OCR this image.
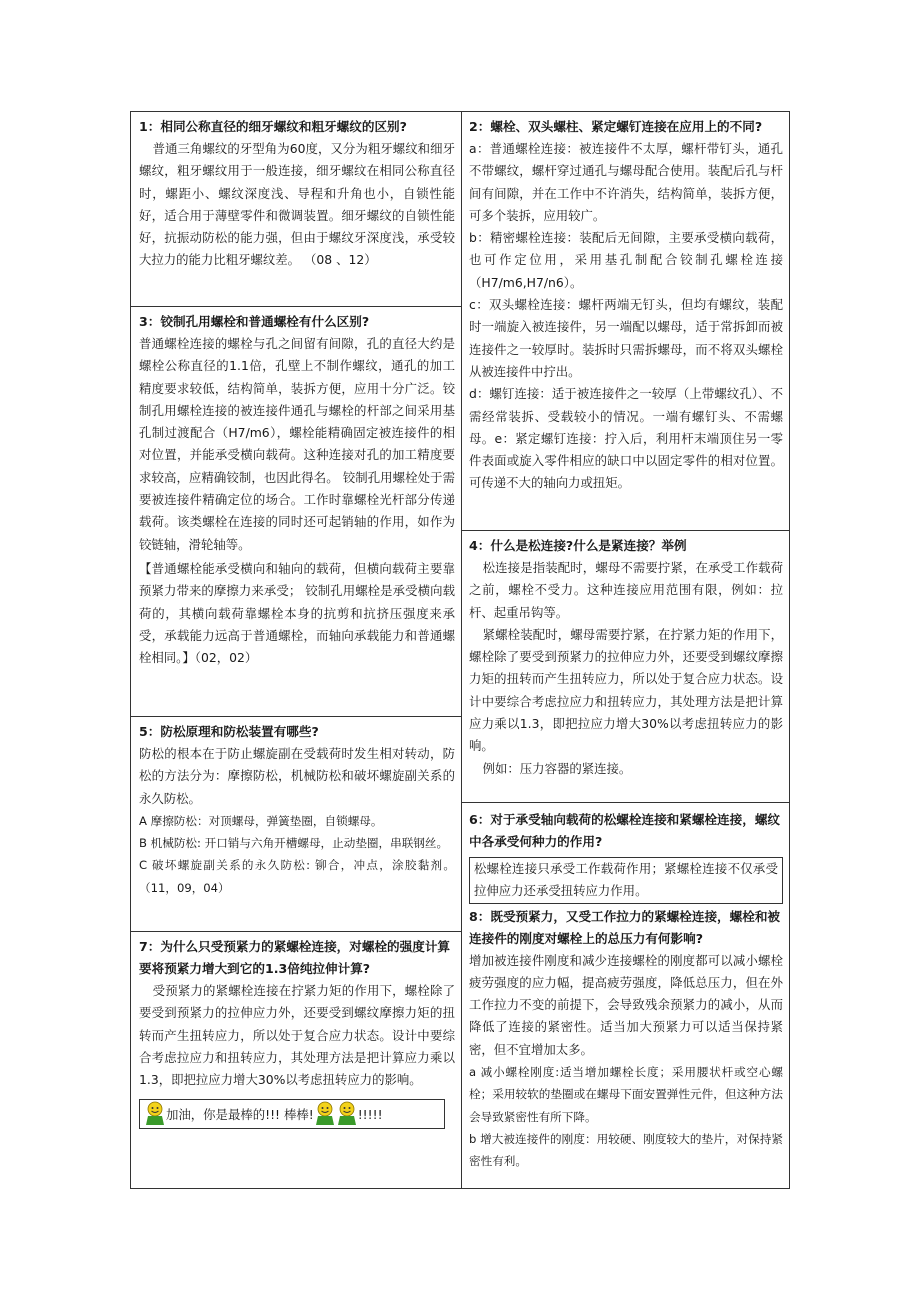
1：相同公称直径的细牙螺纹和粗牙螺纹的区别?

普通三角螺纹的牙型角为60度，又分为粗牙螺纹和细牙螺纹，粗牙螺纹用于一般连接，细牙螺纹在相同公称直径时，螺距小、螺纹深度浅、导程和升角也小，自锁性能好，适合用于薄壁零件和微调装置。细牙螺纹的自锁性能好，抗振动防松的能力强，但由于螺纹牙深度浅，承受较大拉力的能力比粗牙螺纹差。 （08 、12）

3：铰制孔用螺栓和普通螺栓有什么区别?

普通螺栓连接的螺栓与孔之间留有间隙，孔的直径大约是螺栓公称直径的1.1倍，孔壁上不制作螺纹，通孔的加工精度要求较低，结构简单，装拆方便，应用十分广泛。铰制孔用螺栓连接的被连接件通孔与螺栓的杆部之间采用基孔制过渡配合（H7/m6），螺栓能精确固定被连接件的相对位置，并能承受横向载荷。这种连接对孔的加工精度要求较高，应精确铰制，也因此得名。 铰制孔用螺栓处于需要被连接件精确定位的场合。工作时靠螺栓光杆部分传递载荷。该类螺栓在连接的同时还可起销轴的作用，如作为铰链轴，滑轮轴等。

【普通螺栓能承受横向和轴向的载荷，但横向载荷主要靠预紧力带来的摩擦力来承受； 铰制孔用螺栓是承受横向载荷的，其横向载荷靠螺栓本身的抗剪和抗挤压强度来承受，承载能力远高于普通螺栓，而轴向承载能力和普通螺栓相同。】（02，02）

5：防松原理和防松装置有哪些?

防松的根本在于防止螺旋副在受载荷时发生相对转动，防松的方法分为：摩擦防松，机械防松和破坏螺旋副关系的永久防松。

A 摩擦防松：对顶螺母，弹簧垫圈，自锁螺母。

B 机械防松: 开口销与六角开槽螺母，止动垫圈，串联钢丝。

C 破坏螺旋副关系的永久防松: 铆合，冲点，涂胶黏剂。（11，09，04）

7：为什么只受预紧力的紧螺栓连接，对螺栓的强度计算要将预紧力增大到它的1.3倍纯拉伸计算?

受预紧力的紧螺栓连接在拧紧力矩的作用下，螺栓除了要受到预紧力的拉伸应力外，还要受到螺纹摩擦力矩的扭转而产生扭转应力，所以处于复合应力状态。设计中要综合考虑拉应力和扭转应力，其处理方法是把计算应力乘以1.3，即把拉应力增大30%以考虑扭转应力的影响。

加油，你是最棒的!!! 棒棒!	!!!!!

2：螺栓、双头螺柱、紧定螺钉连接在应用上的不同?

a：普通螺栓连接：被连接件不太厚，螺杆带钉头，通孔不带螺纹，螺杆穿过通孔与螺母配合使用。装配后孔与杆间有间隙，并在工作中不许消失，结构简单，装拆方便，可多个装拆，应用较广。

b：精密螺栓连接：装配后无间隙，主要承受横向载荷，也可作定位用，采用基孔制配合铰制孔螺栓连接（H7/m6,H7/n6）。

c：双头螺栓连接：螺杆两端无钉头，但均有螺纹，装配时一端旋入被连接件，另一端配以螺母，适于常拆卸而被连接件之一较厚时。装拆时只需拆螺母，而不将双头螺栓从被连接件中拧出。

d：螺钉连接：适于被连接件之一较厚（上带螺纹孔）、不需经常装拆、受载较小的情况。一端有螺钉头、不需螺母。e：紧定螺钉连接：拧入后，利用杆末端顶住另一零件表面或旋入零件相应的缺口中以固定零件的相对位置。可传递不大的轴向力或扭矩。

4：什么是松连接?什么是紧连接？举例

松连接是指装配时，螺母不需要拧紧，在承受工作载荷之前，螺栓不受力。这种连接应用范围有限，例如：拉杆、起重吊钩等。

紧螺栓装配时，螺母需要拧紧，在拧紧力矩的作用下，螺栓除了要受到预紧力的拉伸应力外，还要受到螺纹摩擦力矩的扭转而产生扭转应力，所以处于复合应力状态。设计中要综合考虑拉应力和扭转应力，其处理方法是把计算应力乘以1.3，即把拉应力增大30%以考虑扭转应力的影响。

例如：压力容器的紧连接。

6：对于承受轴向载荷的松螺栓连接和紧螺栓连接，螺纹中各承受何种力的作用?

松螺栓连接只承受工作载荷作用；紧螺栓连接不仅承受拉伸应力还承受扭转应力作用。

8：既受预紧力，又受工作拉力的紧螺栓连接，螺栓和被连接件的刚度对螺栓上的总压力有何影响?

增加被连接件刚度和减少连接螺栓的刚度都可以减小螺栓疲劳强度的应力幅，提高疲劳强度，降低总压力，但在外工作拉力不变的前提下，会导致残余预紧力的减小，从而降低了连接的紧密性。适当加大预紧力可以适当保持紧密，但不宜增加太多。

a 减小螺栓刚度:适当增加螺栓长度；采用腰状杆或空心螺栓；采用较软的垫圈或在螺母下面安置弹性元件，但这种方法会导致紧密性有所下降。

b 增大被连接件的刚度：用较硬、刚度较大的垫片，对保持紧密性有利。
